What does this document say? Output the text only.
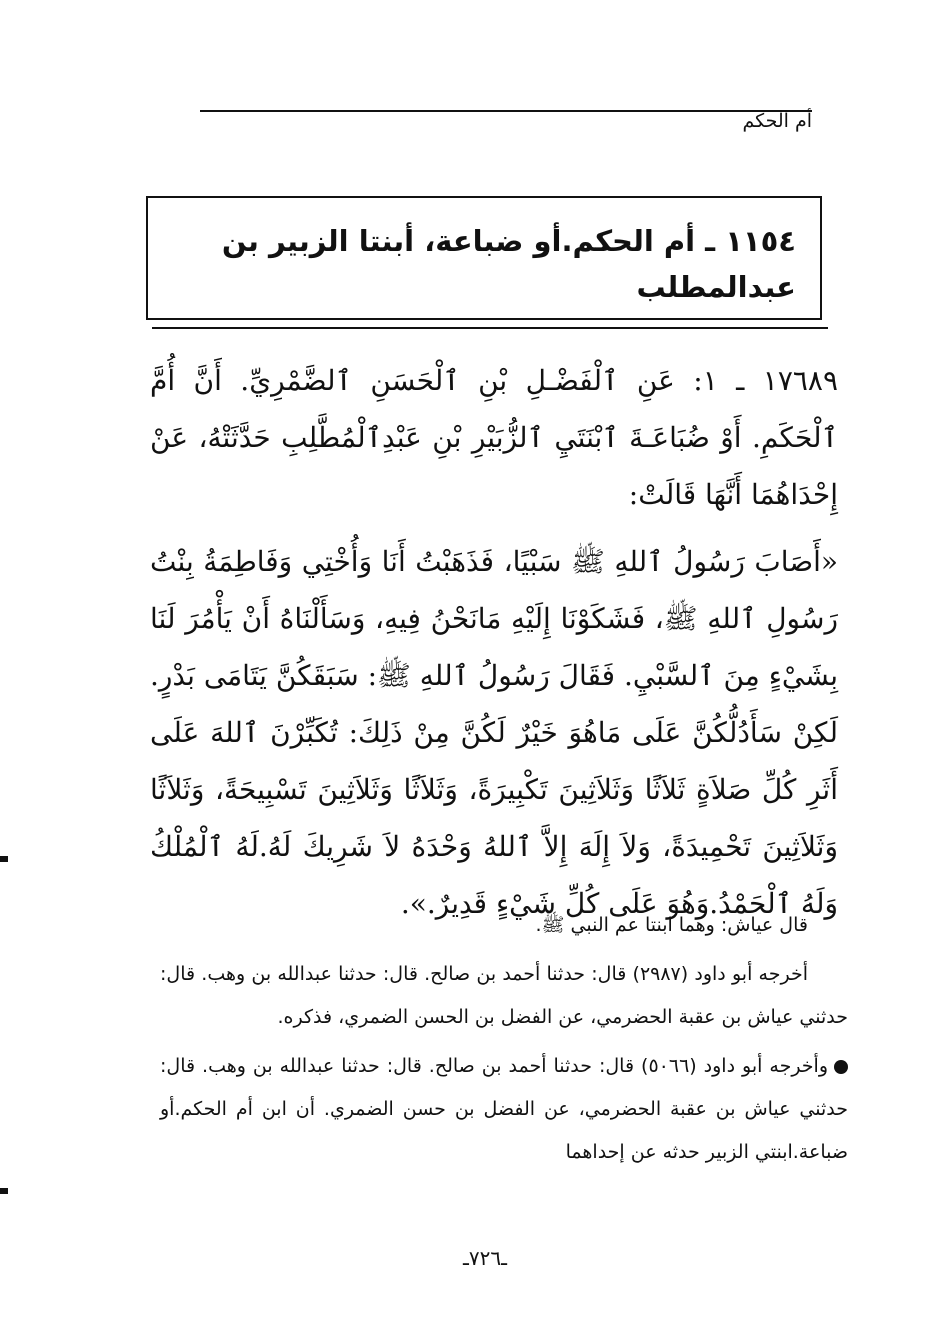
أم الحكم
١١٥٤ ـ أم الحكم.أو ضباعة، أبنتا الزبير بن عبدالمطلب

١٧٦٨٩ ـ ١: عَنِ ٱلْفَضْـلِ بْنِ ٱلْحَسَنِ ٱلضَّمْرِيِّ. أَنَّ أُمَّ ٱلْحَكَمِ. أَوْ ضُبَاعَـةَ ٱبْنَتَيِ ٱلزُّبَيْرِ بْنِ عَبْدِٱلْمُطَّلِبِ حَدَّثَتْهُ، عَنْ إِحْدَاهُمَا أَنَّهَا قَالَتْ:

«أَصَابَ رَسُولُ ٱللهِ ﷺ سَبْيًا، فَذَهَبْتُ أَنَا وَأُخْتِي وَفَاطِمَةُ بِنْتُ رَسُولِ ٱللهِ ﷺ، فَشَكَوْنَا إِلَيْهِ مَانَحْنُ فِيهِ، وَسَأَلْنَاهُ أَنْ يَأْمُرَ لَنَا بِشَيْءٍ مِنَ ٱلسَّبْيِ. فَقَالَ رَسُولُ ٱللهِ ﷺ: سَبَقَكُنَّ يَتَامَى بَدْرٍ. لَكِنْ سَأَدُلُّكُنَّ عَلَى مَاهُوَ خَيْرٌ لَكُنَّ مِنْ ذَلِكَ: تُكَبِّرْنَ ٱللهَ عَلَى أَثَرِ كُلِّ صَلاَةٍ ثَلاَثًا وَثَلاَثِينَ تَكْبِيرَةً، وَثَلاَثًا وَثَلاَثِينَ تَسْبِيحَةً، وَثَلاَثًا وَثَلاَثِينَ تَحْمِيدَةً، وَلاَ إِلَهَ إِلاَّ ٱللهُ وَحْدَهُ لاَ شَرِيكَ لَهُ.لَهُ ٱلْمُلْكُ وَلَهُ ٱلْحَمْدُ.وَهُوَ عَلَى كُلِّ شَيْءٍ قَدِيرٌ.».

قال عياش: وهما ابنتا عم النبي ﷺ.

أخرجه أبو داود (٢٩٨٧) قال: حدثنا أحمد بن صالح. قال: حدثنا عبدالله بن وهب. قال: حدثني عياش بن عقبة الحضرمي، عن الفضل بن الحسن الضمري، فذكره.

وأخرجه أبو داود (٥٠٦٦) قال: حدثنا أحمد بن صالح. قال: حدثنا عبدالله بن وهب. قال: حدثني عياش بن عقبة الحضرمي، عن الفضل بن حسن الضمري. أن ابن أم الحكم.أو ضباعة.ابنتي الزبير حدثه عن إحداهما

ـ٧٢٦ـ
